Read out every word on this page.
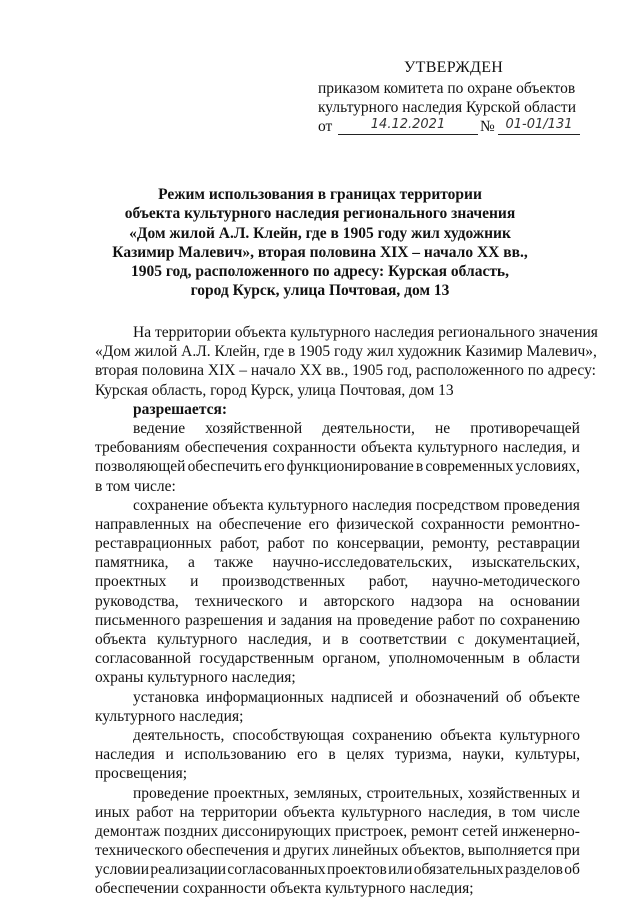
УТВЕРЖДЕН
приказом комитета по охране объектов
культурного наследия Курской области
от	14.12.2021	№ 01-01/131
Режим использования в границах территории
объекта культурного наследия регионального значения
«Дом жилой А.Л. Клейн, где в 1905 году жил художник
Казимир Малевич», вторая половина XIX – начало XX вв.,
1905 год, расположенного по адресу: Курская область,
город Курск, улица Почтовая, дом 13
На территории объекта культурного наследия регионального значения
«Дом жилой А.Л. Клейн, где в 1905 году жил художник Казимир Малевич»,
вторая половина XIX – начало XX вв., 1905 год, расположенного по адресу:
Курская область, город Курск, улица Почтовая, дом 13
разрешается:
ведение хозяйственной деятельности, не противоречащей
требованиям обеспечения сохранности объекта культурного наследия, и
позволяющей обеспечить его функционирование в современных условиях,
в том числе:
сохранение объекта культурного наследия посредством проведения
направленных на обеспечение его физической сохранности ремонтно-
реставрационных работ, работ по консервации, ремонту, реставрации
памятника, а также научно-исследовательских, изыскательских,
проектных и производственных работ, научно-методического
руководства, технического и авторского надзора на основании
письменного разрешения и задания на проведение работ по сохранению
объекта культурного наследия, и в соответствии с документацией,
согласованной государственным органом, уполномоченным в области
охраны культурного наследия;
установка информационных надписей и обозначений об объекте
культурного наследия;
деятельность, способствующая сохранению объекта культурного
наследия и использованию его в целях туризма, науки, культуры,
просвещения;
проведение проектных, земляных, строительных, хозяйственных и
иных работ на территории объекта культурного наследия, в том числе
демонтаж поздних диссонирующих пристроек, ремонт сетей инженерно-
технического обеспечения и других линейных объектов, выполняется при
условии реализации согласованных проектов или обязательных разделов об
обеспечении сохранности объекта культурного наследия;
